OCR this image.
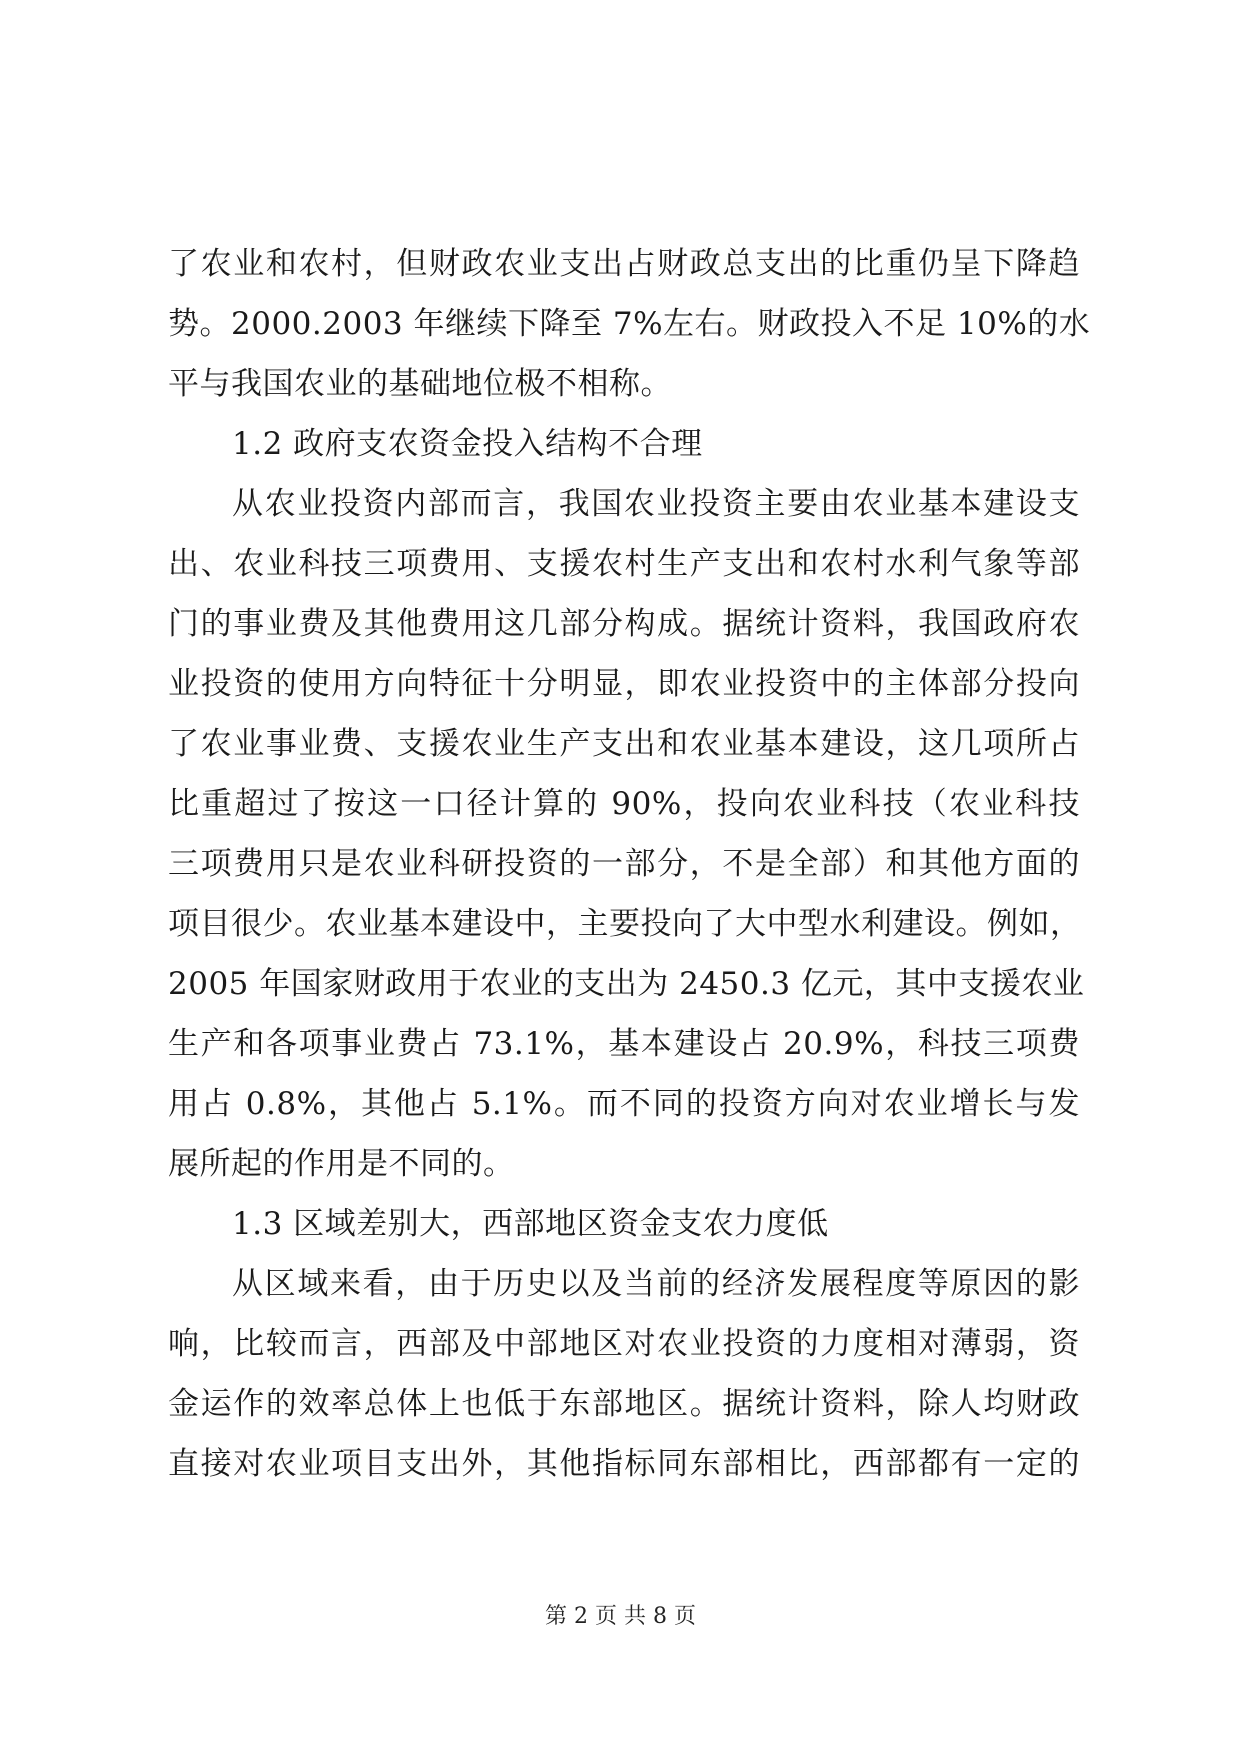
了农业和农村，但财政农业支出占财政总支出的比重仍呈下降趋
势。2000.2003 年继续下降至 7%左右。财政投入不足 10%的水
平与我国农业的基础地位极不相称。
1.2 政府支农资金投入结构不合理
从农业投资内部而言，我国农业投资主要由农业基本建设支
出、农业科技三项费用、支援农村生产支出和农村水利气象等部
门的事业费及其他费用这几部分构成。据统计资料，我国政府农
业投资的使用方向特征十分明显，即农业投资中的主体部分投向
了农业事业费、支援农业生产支出和农业基本建设，这几项所占
比重超过了按这一口径计算的 90%，投向农业科技（农业科技
三项费用只是农业科研投资的一部分，不是全部）和其他方面的
项目很少。农业基本建设中，主要投向了大中型水利建设。例如，
2005 年国家财政用于农业的支出为 2450.3 亿元，其中支援农业
生产和各项事业费占 73.1%，基本建设占 20.9%，科技三项费
用占 0.8%，其他占 5.1%。而不同的投资方向对农业增长与发
展所起的作用是不同的。
1.3 区域差别大，西部地区资金支农力度低
从区域来看，由于历史以及当前的经济发展程度等原因的影
响，比较而言，西部及中部地区对农业投资的力度相对薄弱，资
金运作的效率总体上也低于东部地区。据统计资料，除人均财政
直接对农业项目支出外，其他指标同东部相比，西部都有一定的
第 2 页 共 8 页
